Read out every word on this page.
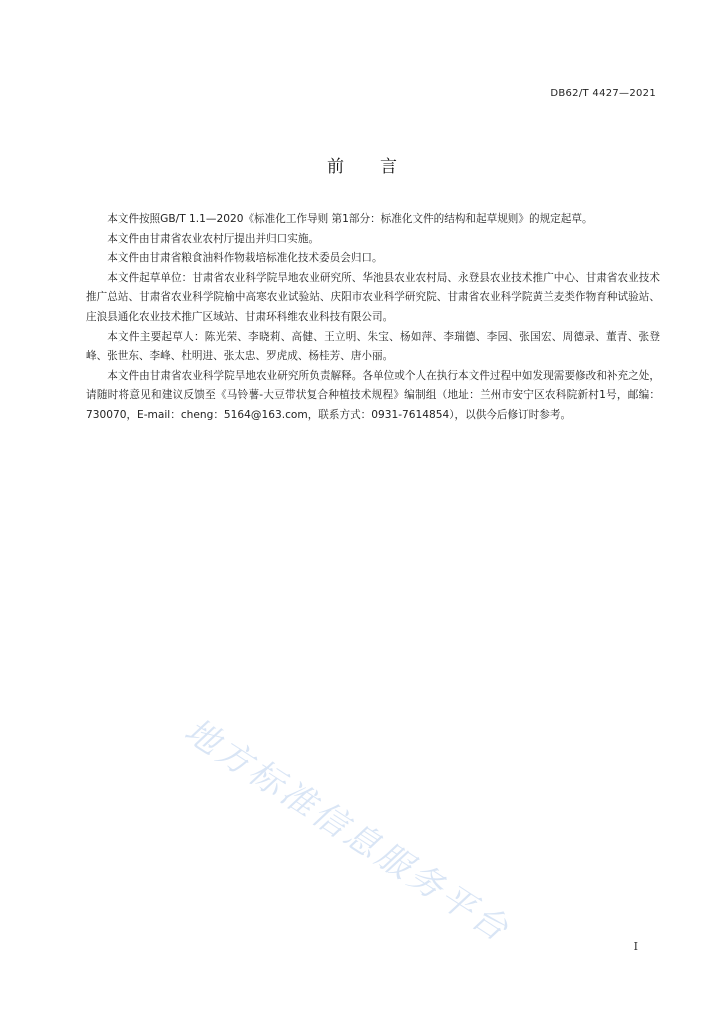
DB62/T 4427—2021
前言

本文件按照GB/T 1.1—2020《标准化工作导则 第1部分：标准化文件的结构和起草规则》的规定起草。

本文件由甘肃省农业农村厅提出并归口实施。

本文件由甘肃省粮食油料作物栽培标准化技术委员会归口。

本文件起草单位：甘肃省农业科学院旱地农业研究所、华池县农业农村局、永登县农业技术推广中心、甘肃省农业技术推广总站、甘肃省农业科学院榆中高寒农业试验站、庆阳市农业科学研究院、甘肃省农业科学院黄兰麦类作物育种试验站、庄浪县通化农业技术推广区域站、甘肃环科维农业科技有限公司。

本文件主要起草人：陈光荣、李晓莉、高健、王立明、朱宝、杨如萍、李瑞德、李园、张国宏、周德录、董青、张登峰、张世东、李峰、杜明进、张太忠、罗虎成、杨桂芳、唐小丽。

本文件由甘肃省农业科学院旱地农业研究所负责解释。各单位或个人在执行本文件过程中如发现需要修改和补充之处，请随时将意见和建议反馈至《马铃薯-大豆带状复合种植技术规程》编制组（地址：兰州市安宁区农科院新村1号，邮编：730070，E-mail：cheng：5164@163.com，联系方式：0931-7614854），以供今后修订时参考。

地方标准信息服务平台	I
